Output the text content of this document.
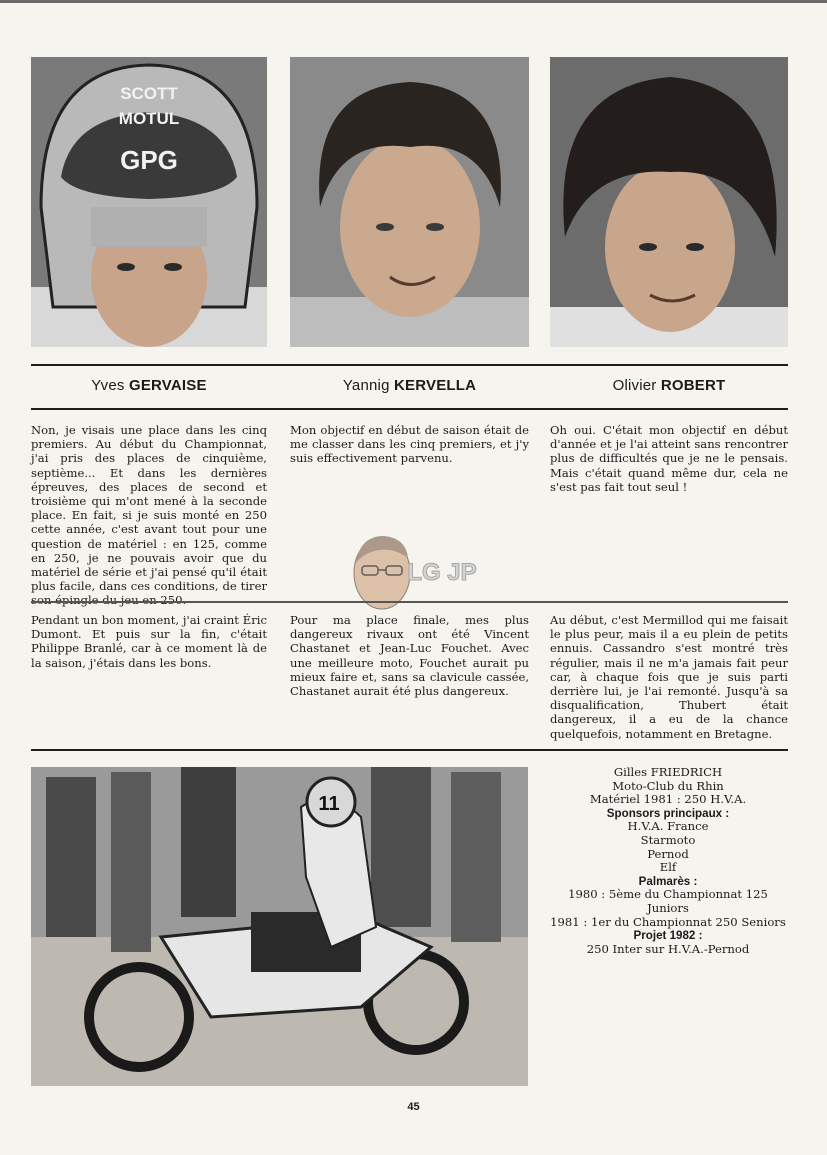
SCOTT
MOTUL
GPG
Yves GERVAISE	Yannig KERVELLA	Olivier ROBERT

Non, je visais une place dans les cinq premiers. Au début du Championnat, j'ai pris des places de cinquième, septième... Et dans les dernières épreuves, des places de second et troisième qui m'ont mené à la seconde place. En fait, si je suis monté en 250 cette année, c'est avant tout pour une question de matériel : en 125, comme en 250, je ne pouvais avoir que du matériel de série et j'ai pensé qu'il était plus facile, dans ces conditions, de tirer

Mon objectif en début de saison était de me classer dans les cinq premiers, et j'y suis effectivement parvenu.

Oh oui. C'était mon objectif en début d'année et je l'ai atteint sans rencontrer plus de difficultés que je ne le pensais. Mais c'était quand même dur, cela ne s'est pas fait tout seul !

LG JP

Pendant un bon moment, j'ai craint Éric Dumont. Et puis sur la fin, c'était Philippe Branlé, car à ce moment là de la saison, j'étais dans les bons.

Pour ma place finale, mes plus dangereux rivaux ont été Vincent Chastanet et Jean-Luc Fouchet. Avec une meilleure moto, Fouchet aurait pu mieux faire et, sans sa clavicule cassée, Chastanet aurait été plus dangereux.

Au début, c'est Mermillod qui me faisait le plus peur, mais il a eu plein de petits ennuis. Cassandro s'est montré très régulier, mais il ne m'a jamais fait peur car, à chaque fois que je suis parti derrière lui, je l'ai remonté. Jusqu'à sa disqualification, Thubert était dangereux, il a eu de la chance quelquefois, notamment en Bretagne.

11
Gilles FRIEDRICH
Moto-Club du Rhin
Matériel 1981 : 250 H.V.A.
Sponsors principaux :
H.V.A. France
Starmoto
Pernod
Elf
Palmarès :
1980 : 5ème du Championnat 125 Juniors
1981 : 1er du Championnat 250 Seniors
Projet 1982 :
250 Inter sur H.V.A.-Pernod
45
